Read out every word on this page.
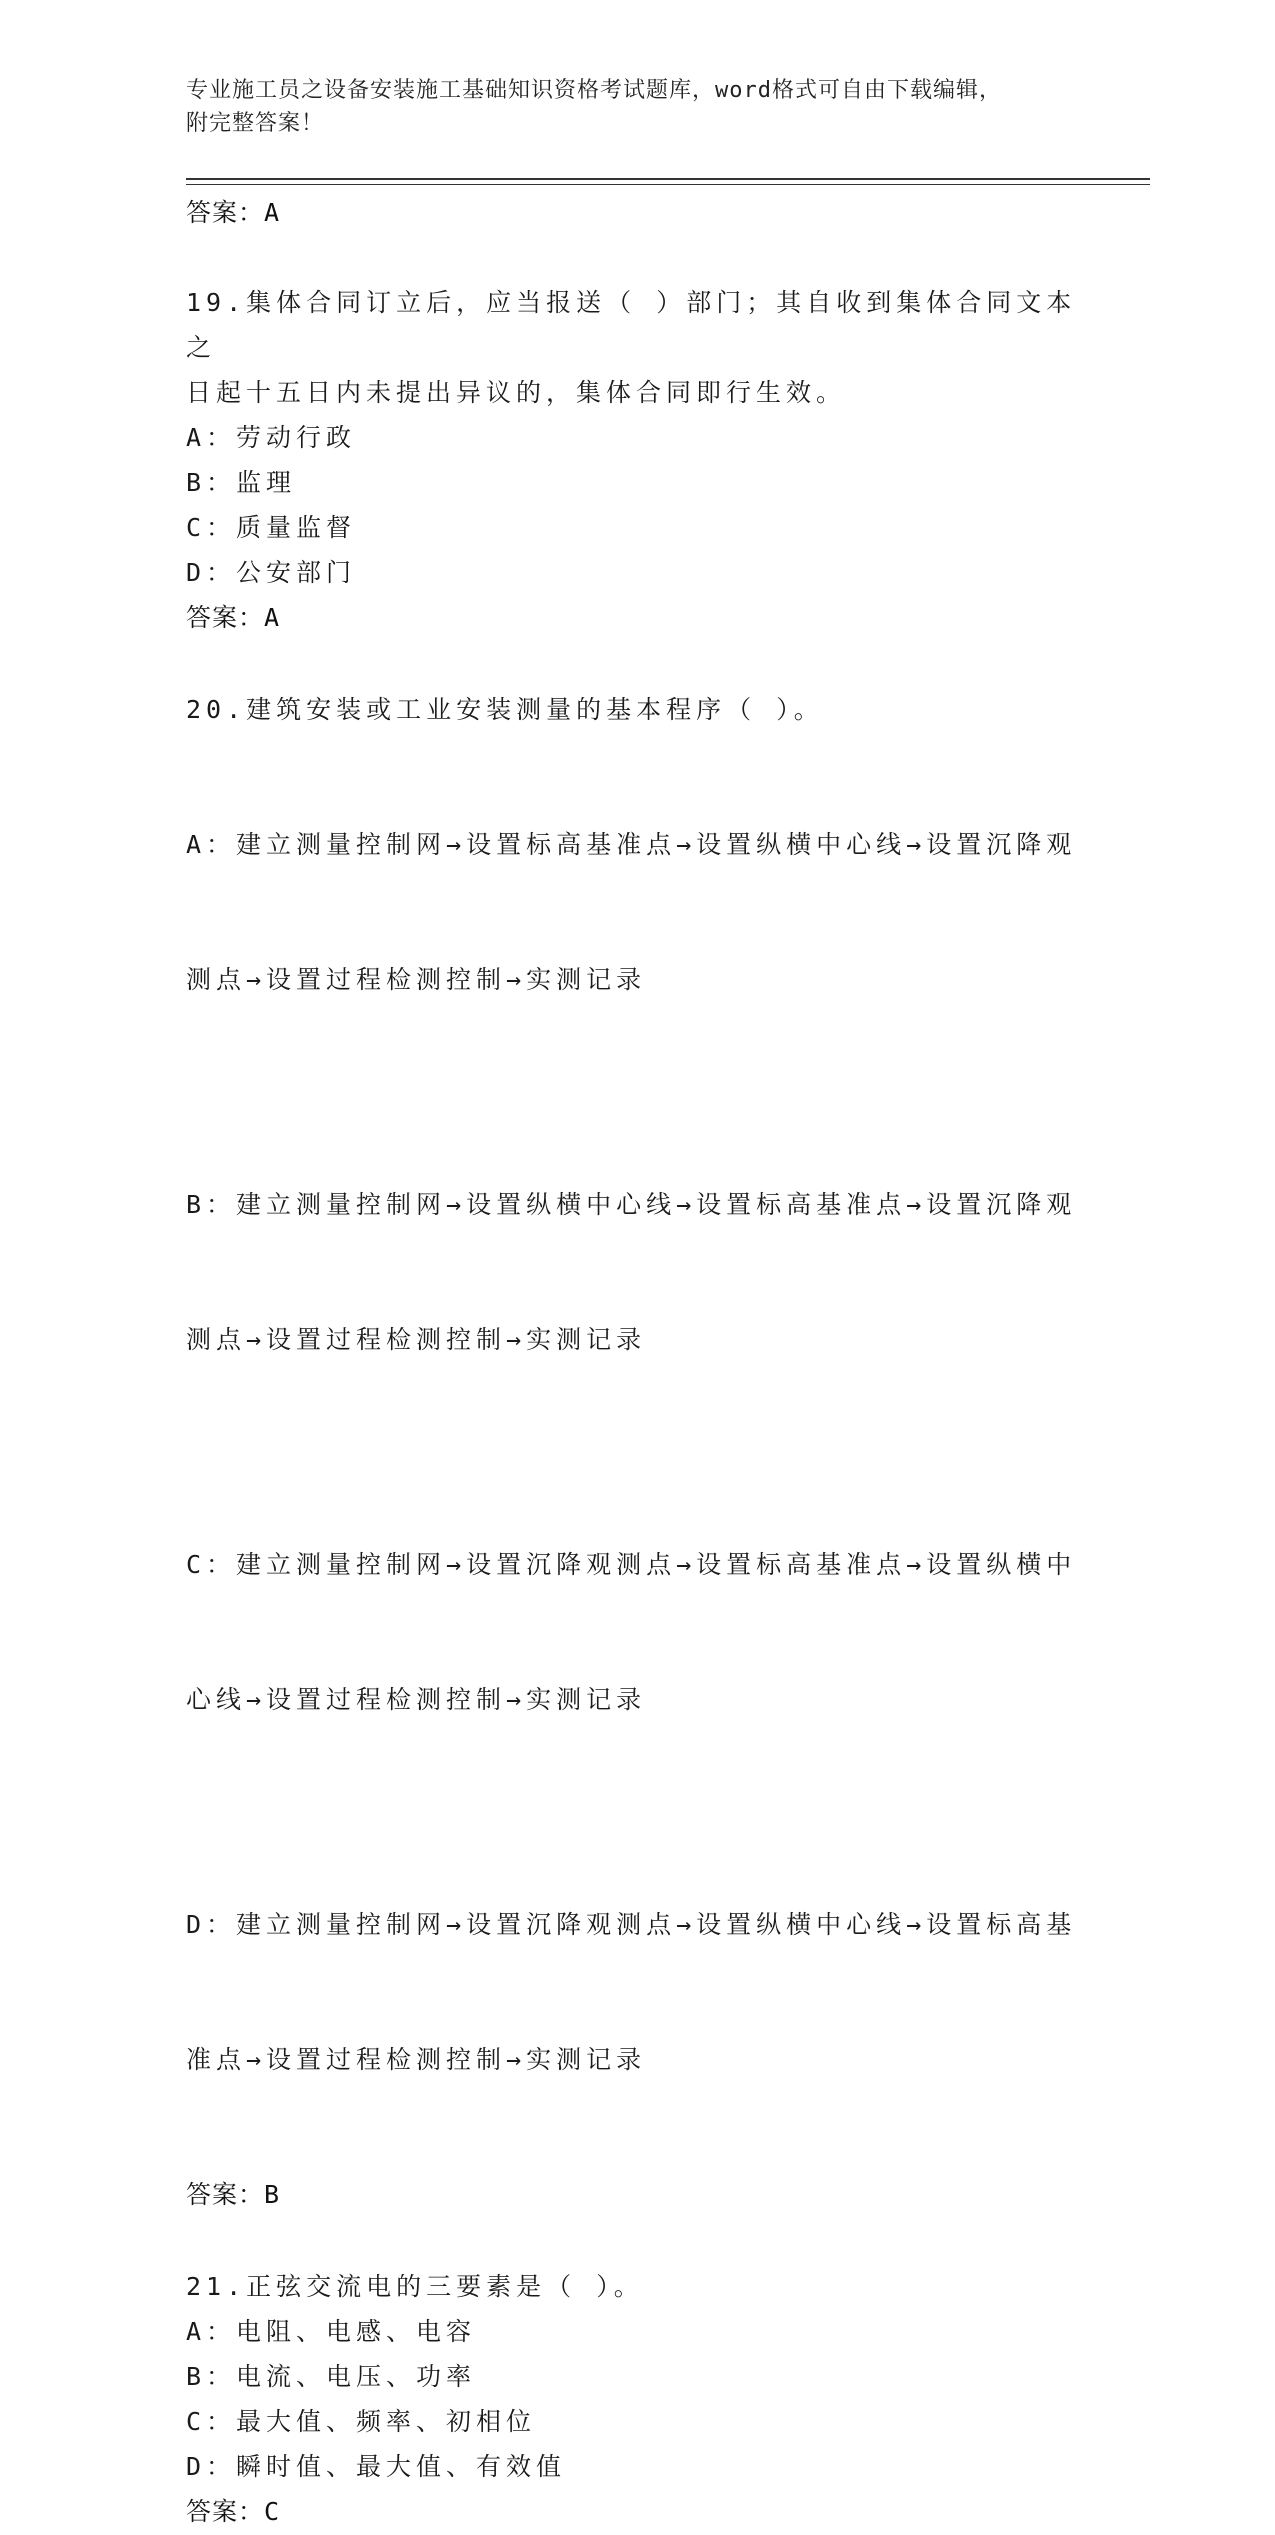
专业施工员之设备安装施工基础知识资格考试题库，word格式可自由下载编辑，
附完整答案！
答案：A
19.集体合同订立后，应当报送（ ）部门；其自收到集体合同文本之
日起十五日内未提出异议的，集体合同即行生效。
A：劳动行政
B：监理
C：质量监督
D：公安部门
答案：A
20.建筑安装或工业安装测量的基本程序（ ）。

A：建立测量控制网→设置标高基准点→设置纵横中心线→设置沉降观

测点→设置过程检测控制→实测记录

B：建立测量控制网→设置纵横中心线→设置标高基准点→设置沉降观

测点→设置过程检测控制→实测记录

C：建立测量控制网→设置沉降观测点→设置标高基准点→设置纵横中

心线→设置过程检测控制→实测记录

D：建立测量控制网→设置沉降观测点→设置纵横中心线→设置标高基

准点→设置过程检测控制→实测记录

答案：B
21.正弦交流电的三要素是（ ）。
A：电阻、电感、电容
B：电流、电压、功率
C：最大值、频率、初相位
D：瞬时值、最大值、有效值
答案：C
